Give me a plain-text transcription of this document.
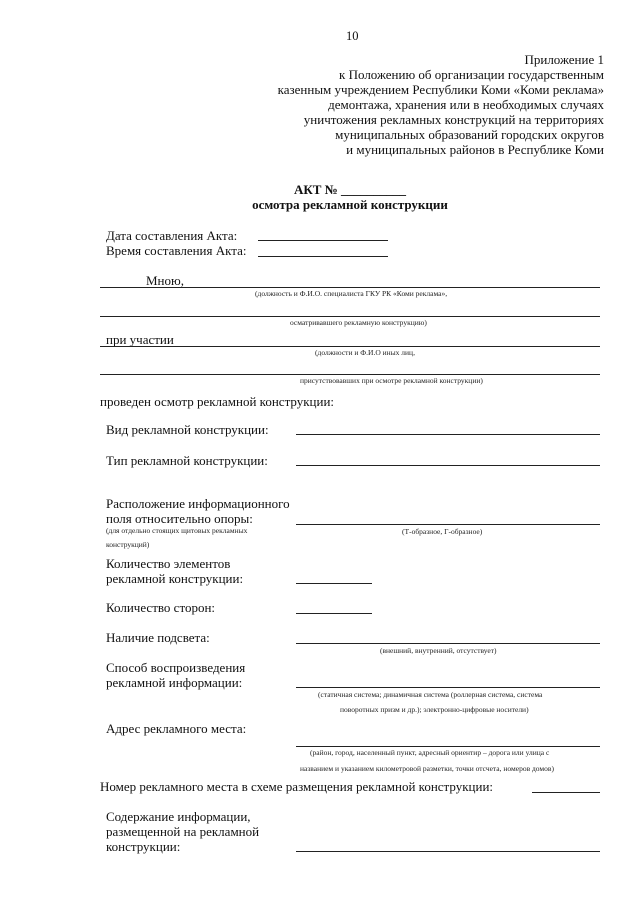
10
Приложение 1
к Положению об организации государственным
казенным учреждением Республики Коми «Коми реклама»
демонтажа, хранения или в необходимых случаях
уничтожения рекламных конструкций на территориях
муниципальных образований городских округов
и муниципальных районов в Республике Коми
АКТ № __________
осмотра рекламной конструкции
Дата составления Акта:
Время составления Акта:
Мною,
(должность и Ф.И.О. специалиста ГКУ РК «Коми реклама»,
осматривавшего рекламную конструкцию)
при участии
(должности и Ф.И.О иных лиц,
присутствовавших при осмотре рекламной конструкции)
проведен осмотр рекламной конструкции:
Вид рекламной конструкции:
Тип рекламной конструкции:
Расположение информационного
поля относительно опоры:
(для отдельно стоящих щитовых рекламных
конструкций)
(Т-образное, Г-образное)
Количество элементов
рекламной конструкции:
Количество сторон:
Наличие подсвета:
(внешний, внутренний, отсутствует)
Способ воспроизведения
рекламной информации:
(статичная система; динамичная система (роллерная система, система
поворотных призм и др.); электронно-цифровые носители)
Адрес рекламного места:
(район, город, населенный пункт, адресный ориентир – дорога или улица с
названием и указанием километровой разметки, точки отсчета, номеров домов)
Номер рекламного места в схеме размещения рекламной конструкции:
Содержание информации,
размещенной на рекламной
конструкции:
